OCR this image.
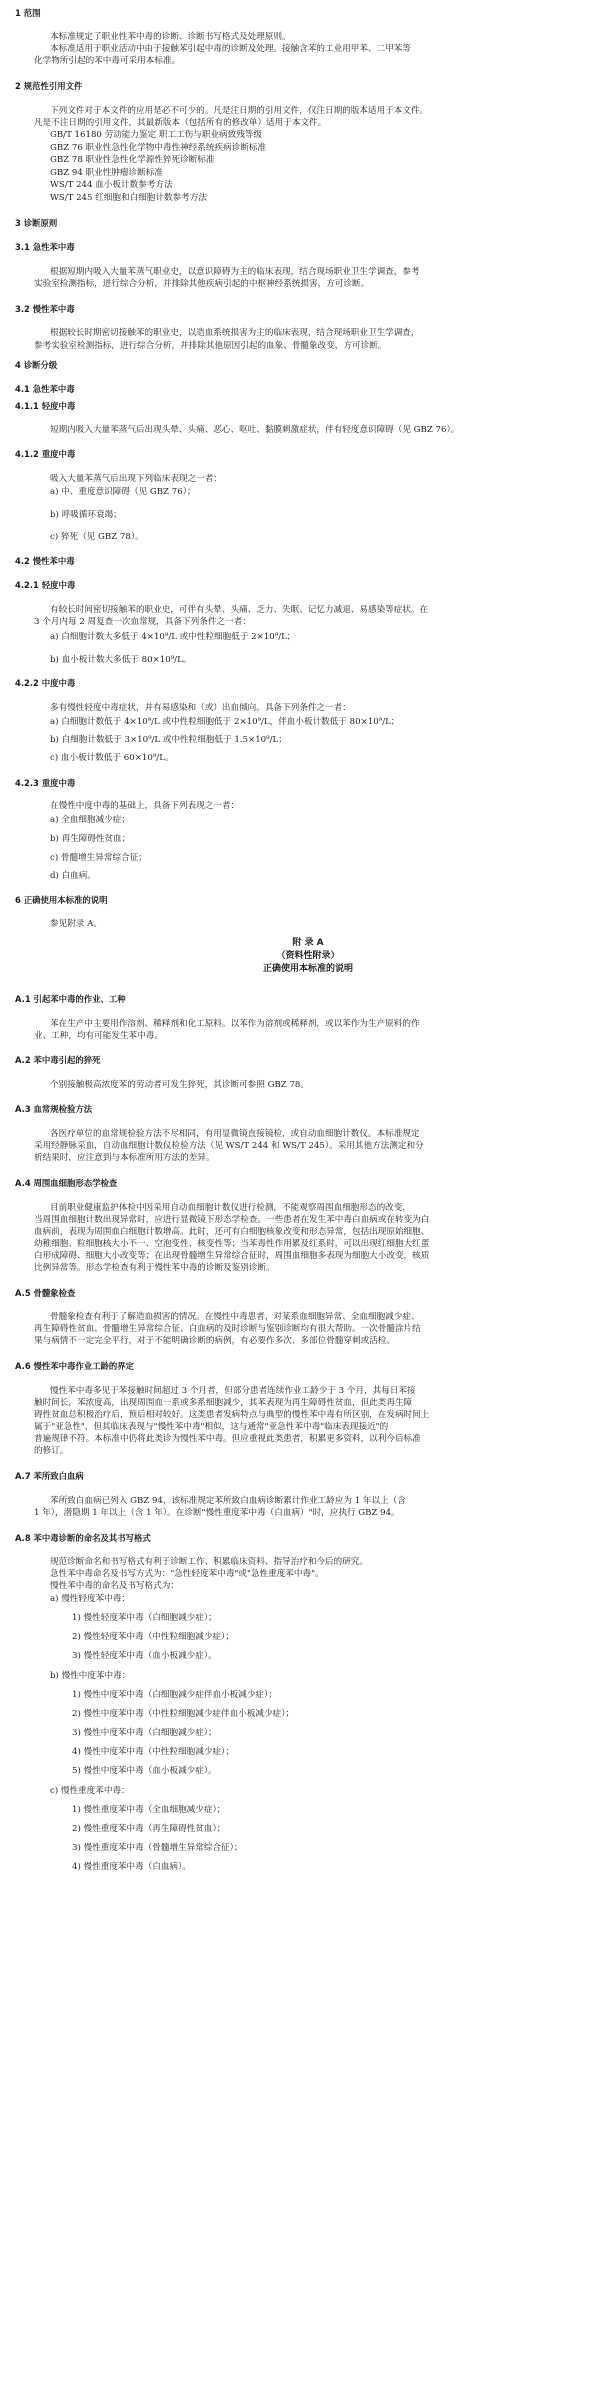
1 范围
本标准规定了职业性苯中毒的诊断、诊断书写格式及处理原则。
本标准适用于职业活动中由于接触苯引起中毒的诊断及处理。接触含苯的工业用甲苯、二甲苯等
化学物所引起的苯中毒可采用本标准。
2 规范性引用文件
下列文件对于本文件的应用是必不可少的。凡是注日期的引用文件，仅注日期的版本适用于本文件。
凡是不注日期的引用文件，其最新版本（包括所有的修改单）适用于本文件。
GB/T 16180 劳动能力鉴定 职工工伤与职业病致残等级
GBZ 76 职业性急性化学物中毒性神经系统疾病诊断标准
GBZ 78 职业性急性化学源性猝死诊断标准
GBZ 94 职业性肿瘤诊断标准
WS/T 244 血小板计数参考方法
WS/T 245 红细胞和白细胞计数参考方法
3 诊断原则
3.1 急性苯中毒
根据短期内吸入大量苯蒸气职业史，以意识障碍为主的临床表现，结合现场职业卫生学调查，参考
实验室检测指标，进行综合分析，并排除其他疾病引起的中枢神经系统损害，方可诊断。
3.2 慢性苯中毒
根据较长时期密切接触苯的职业史，以造血系统损害为主的临床表现，结合现场职业卫生学调查，
参考实验室检测指标，进行综合分析，并排除其他原因引起的血象、骨髓象改变，方可诊断。
4 诊断分级
4.1 急性苯中毒
4.1.1 轻度中毒
短期内吸入大量苯蒸气后出现头晕、头痛、恶心、呕吐、黏膜刺激症状，伴有轻度意识障碍（见 GBZ 76）。
4.1.2 重度中毒
吸入大量苯蒸气后出现下列临床表现之一者：
a) 中、重度意识障碍（见 GBZ 76）；
b) 呼吸循环衰竭；
c) 猝死（见 GBZ 78）。
4.2 慢性苯中毒
4.2.1 轻度中毒
有较长时间密切接触苯的职业史，可伴有头晕、头痛、乏力、失眠、记忆力减退、易感染等症状。在
3 个月内每 2 周复查一次血常规，具备下列条件之一者：
a) 白细胞计数大多低于 4×10⁹/L 或中性粒细胞低于 2×10⁹/L；
b) 血小板计数大多低于 80×10⁹/L。
4.2.2 中度中毒
多有慢性轻度中毒症状，并有易感染和（或）出血倾向。具备下列条件之一者：
a) 白细胞计数低于 4×10⁹/L 或中性粒细胞低于 2×10⁹/L，伴血小板计数低于 80×10⁹/L；
b) 白细胞计数低于 3×10⁹/L 或中性粒细胞低于 1.5×10⁹/L；
c) 血小板计数低于 60×10⁹/L。
4.2.3 重度中毒
在慢性中度中毒的基础上，具备下列表现之一者：
a) 全血细胞减少症；
b) 再生障碍性贫血；
c) 骨髓增生异常综合征；
d) 白血病。
6 正确使用本标准的说明
参见附录 A。
附 录 A
（资料性附录）
正确使用本标准的说明
A.1 引起苯中毒的作业、工种
苯在生产中主要用作溶剂、稀释剂和化工原料。以苯作为溶剂或稀释剂，或以苯作为生产原料的作
业、工种，均有可能发生苯中毒。
A.2 苯中毒引起的猝死
个别接触极高浓度苯的劳动者可发生猝死，其诊断可参照 GBZ 78。
A.3 血常规检验方法
各医疗单位的血常规检验方法不尽相同，有用显微镜直接镜检，或自动血细胞计数仪。本标准规定
采用经静脉采血，自动血细胞计数仪检验方法（见 WS/T 244 和 WS/T 245）。采用其他方法测定和分
析结果时，应注意到与本标准所用方法的差异。
A.4 周围血细胞形态学检查
目前职业健康监护体检中因采用自动血细胞计数仪进行检测，不能观察周围血细胞形态的改变，
当周围血细胞计数出现异常时，应进行显微镜下形态学检查。一些患者在发生苯中毒白血病或在转变为白
血病前，表现为周围血白细胞计数增高。此时，还可有白细胞核象改变和形态异常，包括出现原始细胞、
幼稚细胞、粒细胞核大小不一、空泡变性、核变性等；当苯毒性作用累及红系时，可以出现红细胞大红蛋
白形成障碍、细胞大小改变等；在出现骨髓增生异常综合征时，周围血细胞多表现为细胞大小改变，核质
比例异常等。形态学检查有利于慢性苯中毒的诊断及鉴别诊断。
A.5 骨髓象检查
骨髓象检查有利于了解造血损害的情况。在慢性中毒患者，对某系血细胞异常、全血细胞减少症、
再生障碍性贫血、骨髓增生异常综合征、白血病的及时诊断与鉴别诊断均有很大帮助。一次骨髓涂片结
果与病情不一定完全平行，对于不能明确诊断的病例，有必要作多次、多部位骨髓穿刺或活检。
A.6 慢性苯中毒作业工龄的界定
慢性苯中毒多见于苯接触时间超过 3 个月者，但部分患者连续作业工龄少于 3 个月，其每日苯接
触时间长，苯浓度高，出现周围血一系或多系细胞减少，其苯表现为再生障碍性贫血，但此类再生障
碍性贫血总积极治疗后，预后相对较好。这类患者发病特点与典型的慢性苯中毒有所区别，在发病时间上
属于"亚急性"，但其临床表现与"慢性苯中毒"相似，这与通常"亚急性苯中毒"临床表现接近"的
普遍规律不符。本标准中仍将此类诊为慢性苯中毒。但应重视此类患者，积累更多资料，以利今后标准
的修订。
A.7 苯所致白血病
苯所致白血病已列入 GBZ 94，该标准规定苯所致白血病诊断累计作业工龄应为 1 年以上（含
1 年），潜隐期 1 年以上（含 1 年）。在诊断"慢性重度苯中毒（白血病）"时，应执行 GBZ 94。
A.8 苯中毒诊断的命名及其书写格式
规范诊断命名和书写格式有利于诊断工作、积累临床资料、指导治疗和今后的研究。
急性苯中毒命名及书写方式为："急性轻度苯中毒"或"急性重度苯中毒"。
慢性苯中毒的命名及书写格式为：
a) 慢性轻度苯中毒：
1) 慢性轻度苯中毒（白细胞减少症）；
2) 慢性轻度苯中毒（中性粒细胞减少症）；
3) 慢性轻度苯中毒（血小板减少症）。
b) 慢性中度苯中毒：
1) 慢性中度苯中毒（白细胞减少症伴血小板减少症）；
2) 慢性中度苯中毒（中性粒细胞减少症伴血小板减少症）；
3) 慢性中度苯中毒（白细胞减少症）；
4) 慢性中度苯中毒（中性粒细胞减少症）；
5) 慢性中度苯中毒（血小板减少症）。
c) 慢性重度苯中毒：
1) 慢性重度苯中毒（全血细胞减少症）；
2) 慢性重度苯中毒（再生障碍性贫血）；
3) 慢性重度苯中毒（骨髓增生异常综合征）；
4) 慢性重度苯中毒（白血病）。
